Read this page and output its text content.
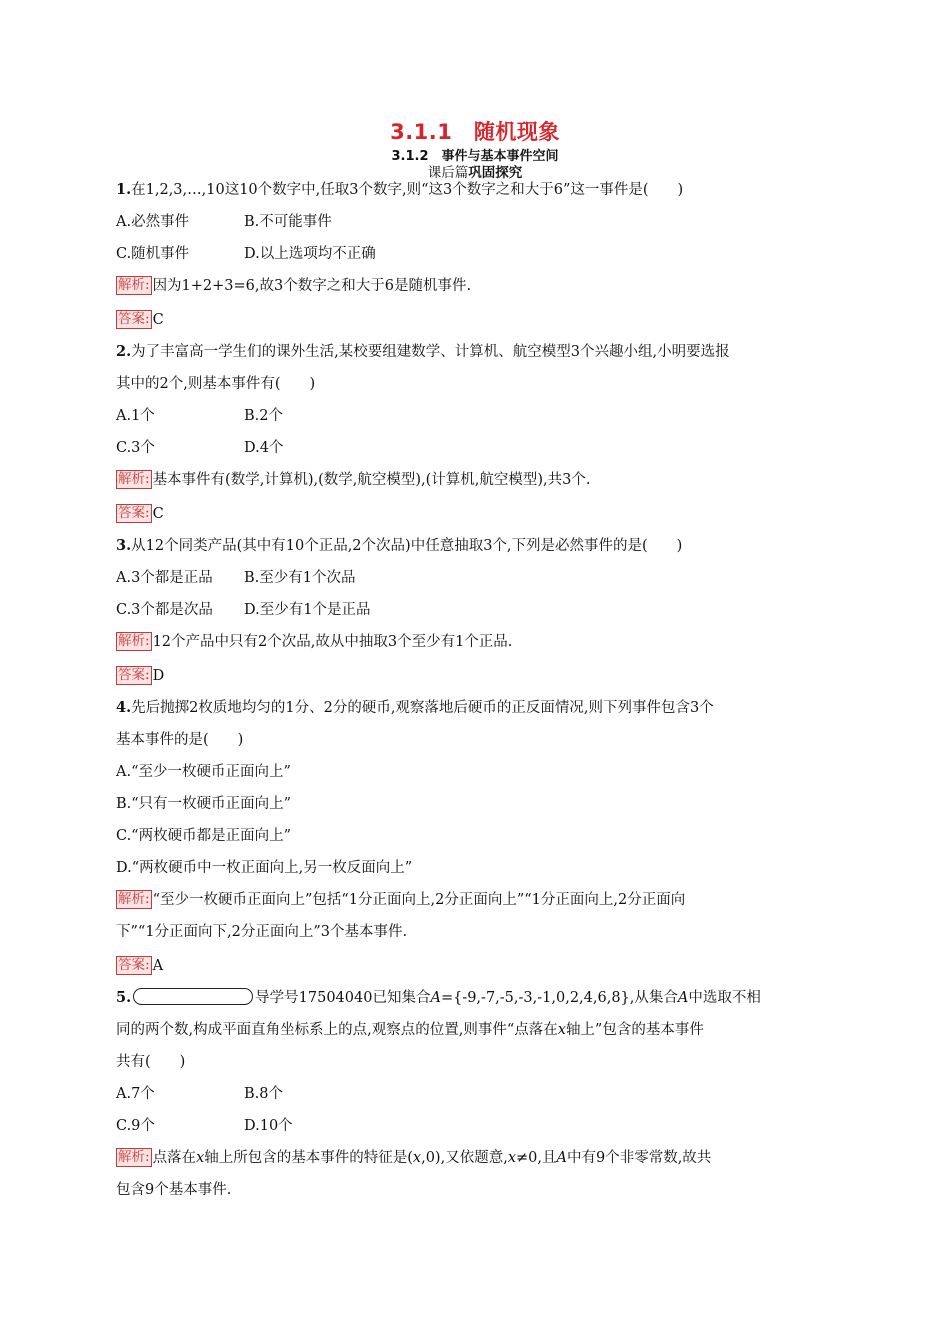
3.1.1　随机现象
3.1.2　事件与基本事件空间
课后篇巩固探究
1.在1,2,3,…,10这10个数字中,任取3个数字,则“这3个数字之和大于6”这一事件是(　　)
A.必然事件	B.不可能事件
C.随机事件	D.以上选项均不正确
解析: 因为1+2+3=6,故3个数字之和大于6是随机事件.
答案: C
2.为了丰富高一学生们的课外生活,某校要组建数学、计算机、航空模型3个兴趣小组,小明要选报
其中的2个,则基本事件有(　　)
A.1个	B.2个
C.3个	D.4个
解析: 基本事件有(数学,计算机),(数学,航空模型),(计算机,航空模型),共3个.
答案: C
3.从12个同类产品(其中有10个正品,2个次品)中任意抽取3个,下列是必然事件的是(　　)
A.3个都是正品	B.至少有1个次品
C.3个都是次品	D.至少有1个是正品
解析: 12个产品中只有2个次品,故从中抽取3个至少有1个正品.
答案: D
4.先后抛掷2枚质地均匀的1分、2分的硬币,观察落地后硬币的正反面情况,则下列事件包含3个
基本事件的是(　　)
A.“至少一枚硬币正面向上”
B.“只有一枚硬币正面向上”
C.“两枚硬币都是正面向上”
D.“两枚硬币中一枚正面向上,另一枚反面向上”
解析: “至少一枚硬币正面向上”包括“1分正面向上,2分正面向上”“1分正面向上,2分正面向
下”“1分正面向下,2分正面向上”3个基本事件.
答案: A
5.	导学号17504040已知集合A={-9,-7,-5,-3,-1,0,2,4,6,8},从集合A中选取不相
同的两个数,构成平面直角坐标系上的点,观察点的位置,则事件“点落在x轴上”包含的基本事件
共有(　　)
A.7个	B.8个
C.9个	D.10个
解析: 点落在x轴上所包含的基本事件的特征是(x,0),又依题意,x≠0,且A中有9个非零常数,故共
包含9个基本事件.
